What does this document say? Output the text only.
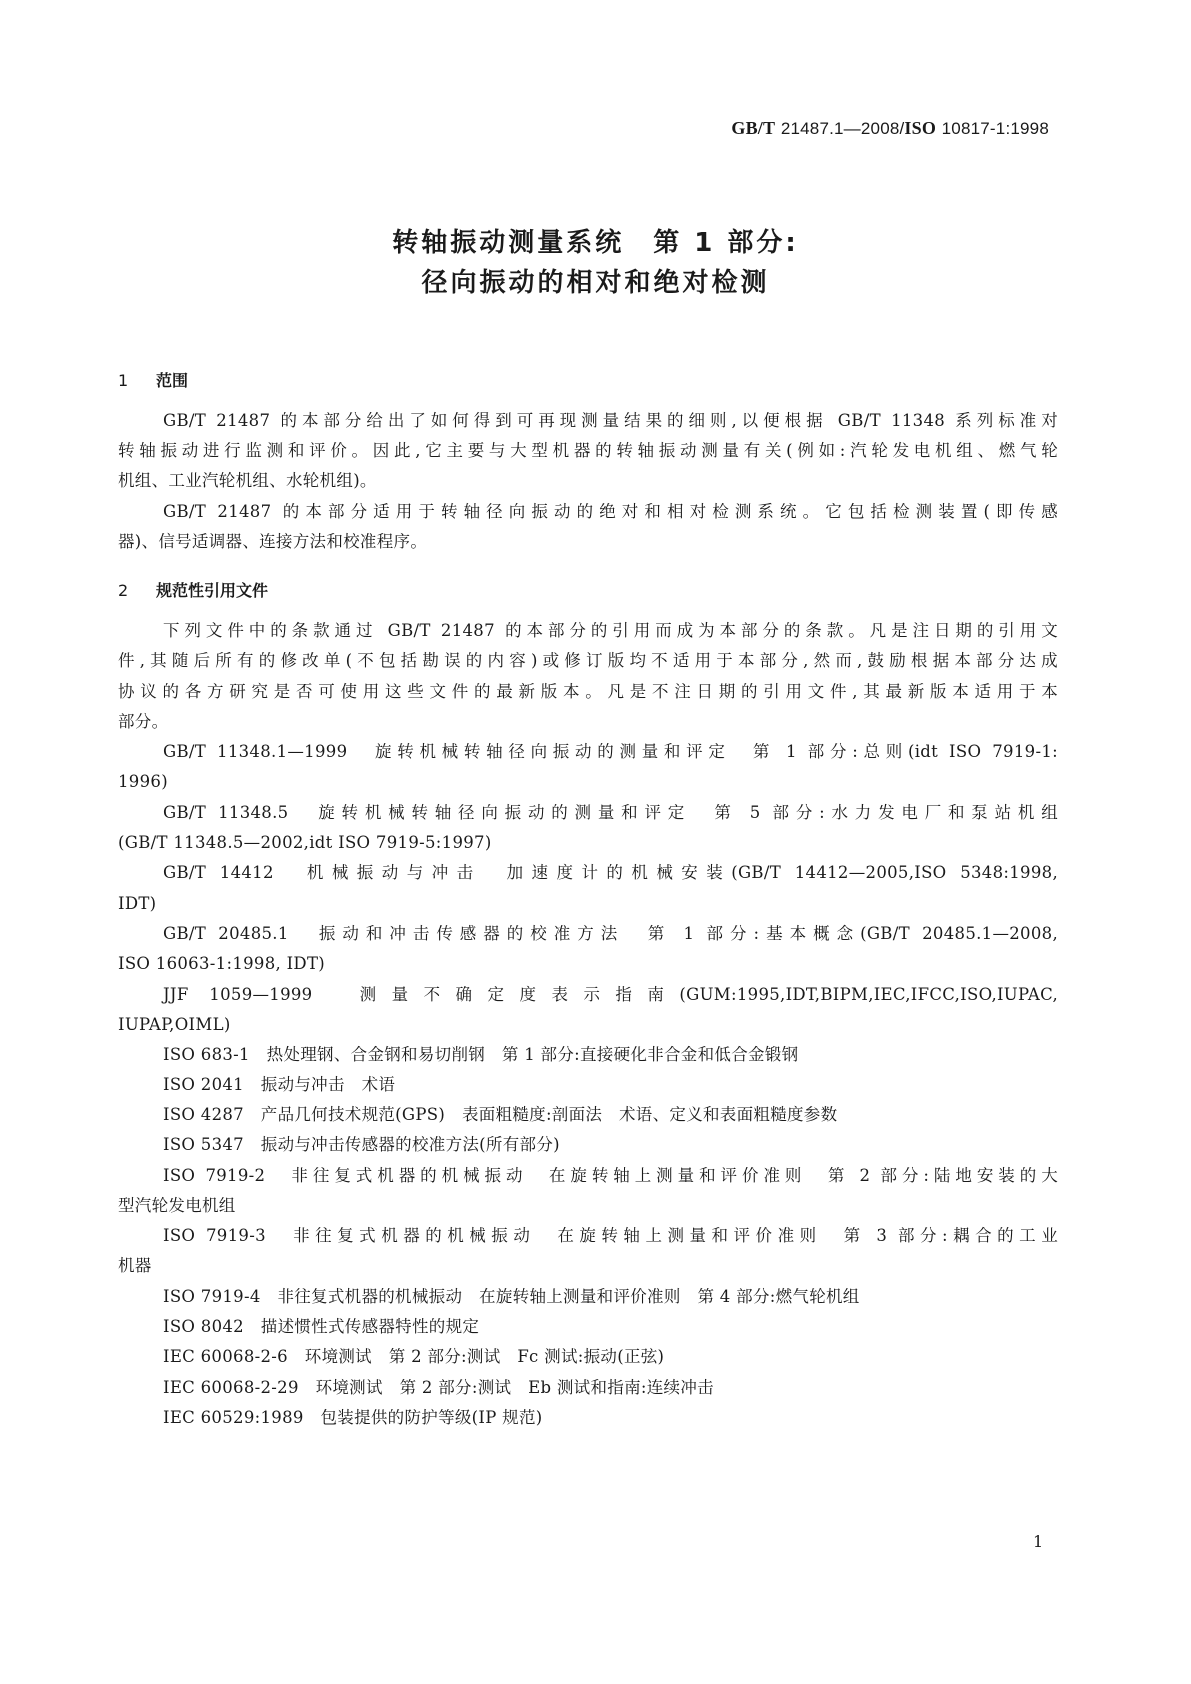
GB/T 21487.1—2008/ISO 10817-1:1998
转轴振动测量系统　第 1 部分:
径向振动的相对和绝对检测
1 范围
GB/T 21487 的本部分给出了如何得到可再现测量结果的细则,以便根据 GB/T 11348 系列标准对
转轴振动进行监测和评价。因此,它主要与大型机器的转轴振动测量有关(例如:汽轮发电机组、燃气轮
机组、工业汽轮机组、水轮机组)。
GB/T 21487 的本部分适用于转轴径向振动的绝对和相对检测系统。它包括检测装置(即传感
器)、信号适调器、连接方法和校准程序。
2 规范性引用文件
下列文件中的条款通过 GB/T 21487 的本部分的引用而成为本部分的条款。凡是注日期的引用文
件,其随后所有的修改单(不包括勘误的内容)或修订版均不适用于本部分,然而,鼓励根据本部分达成
协议的各方研究是否可使用这些文件的最新版本。凡是不注日期的引用文件,其最新版本适用于本
部分。
GB/T 11348.1—1999　旋转机械转轴径向振动的测量和评定　第 1 部分:总则(idt ISO 7919-1:
1996)
GB/T 11348.5　旋转机械转轴径向振动的测量和评定　第 5 部分:水力发电厂和泵站机组
(GB/T 11348.5—2002,idt ISO 7919-5:1997)
GB/T 14412　机械振动与冲击　加速度计的机械安装(GB/T 14412—2005,ISO 5348:1998,
IDT)
GB/T 20485.1　振动和冲击传感器的校准方法　第 1 部分:基本概念(GB/T 20485.1—2008,
ISO 16063-1:1998, IDT)
JJF 1059—1999　测量不确定度表示指南(GUM:1995,IDT,BIPM,IEC,IFCC,ISO,IUPAC,
IUPAP,OIML)
ISO 683-1　热处理钢、合金钢和易切削钢　第 1 部分:直接硬化非合金和低合金锻钢
ISO 2041　振动与冲击　术语
ISO 4287　产品几何技术规范(GPS)　表面粗糙度:剖面法　术语、定义和表面粗糙度参数
ISO 5347　振动与冲击传感器的校准方法(所有部分)
ISO 7919-2　非往复式机器的机械振动　在旋转轴上测量和评价准则　第 2 部分:陆地安装的大
型汽轮发电机组
ISO 7919-3　非往复式机器的机械振动　在旋转轴上测量和评价准则　第 3 部分:耦合的工业
机器
ISO 7919-4　非往复式机器的机械振动　在旋转轴上测量和评价准则　第 4 部分:燃气轮机组
ISO 8042　描述惯性式传感器特性的规定
IEC 60068-2-6　环境测试　第 2 部分:测试　Fc 测试:振动(正弦)
IEC 60068-2-29　环境测试　第 2 部分:测试　Eb 测试和指南:连续冲击
IEC 60529:1989　包装提供的防护等级(IP 规范)
1
